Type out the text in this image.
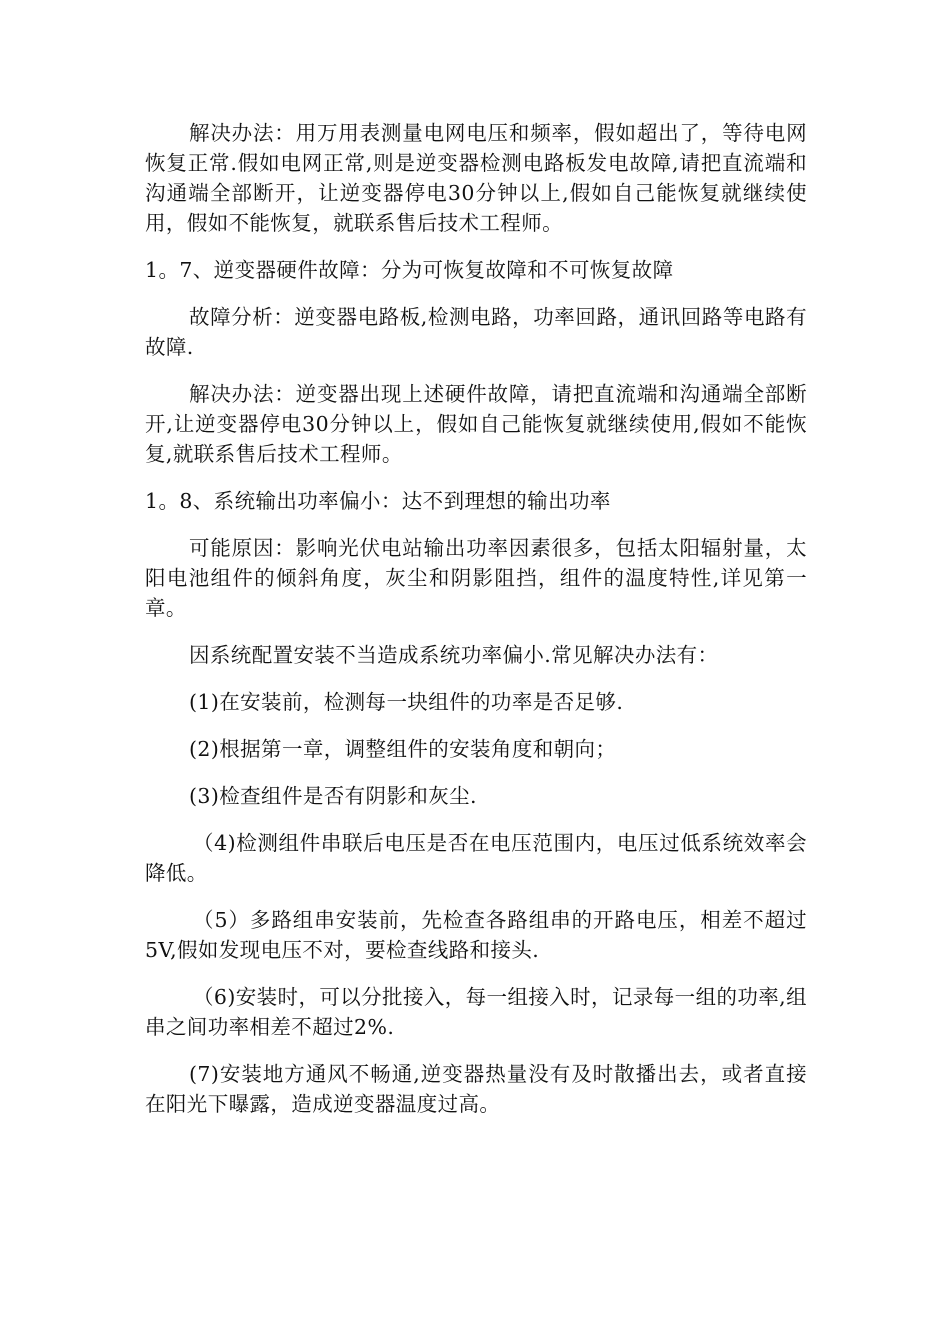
解决办法：用万用表测量电网电压和频率，假如超出了，等待电网恢复正常.假如电网正常,则是逆变器检测电路板发电故障,请把直流端和沟通端全部断开，让逆变器停电30分钟以上,假如自己能恢复就继续使用，假如不能恢复，就联系售后技术工程师。

1。7、逆变器硬件故障：分为可恢复故障和不可恢复故障

故障分析：逆变器电路板,检测电路，功率回路，通讯回路等电路有故障.

解决办法：逆变器出现上述硬件故障，请把直流端和沟通端全部断开,让逆变器停电30分钟以上，假如自己能恢复就继续使用,假如不能恢复,就联系售后技术工程师。

1。8、系统输出功率偏小：达不到理想的输出功率

可能原因：影响光伏电站输出功率因素很多，包括太阳辐射量，太阳电池组件的倾斜角度，灰尘和阴影阻挡，组件的温度特性,详见第一章。

因系统配置安装不当造成系统功率偏小.常见解决办法有：

(1)在安装前，检测每一块组件的功率是否足够.

(2)根据第一章，调整组件的安装角度和朝向；

(3)检查组件是否有阴影和灰尘.

（4)检测组件串联后电压是否在电压范围内，电压过低系统效率会降低。

（5）多路组串安装前，先检查各路组串的开路电压，相差不超过5V,假如发现电压不对，要检查线路和接头.

（6)安装时，可以分批接入，每一组接入时，记录每一组的功率,组串之间功率相差不超过2%.

(7)安装地方通风不畅通,逆变器热量没有及时散播出去，或者直接在阳光下曝露，造成逆变器温度过高。
